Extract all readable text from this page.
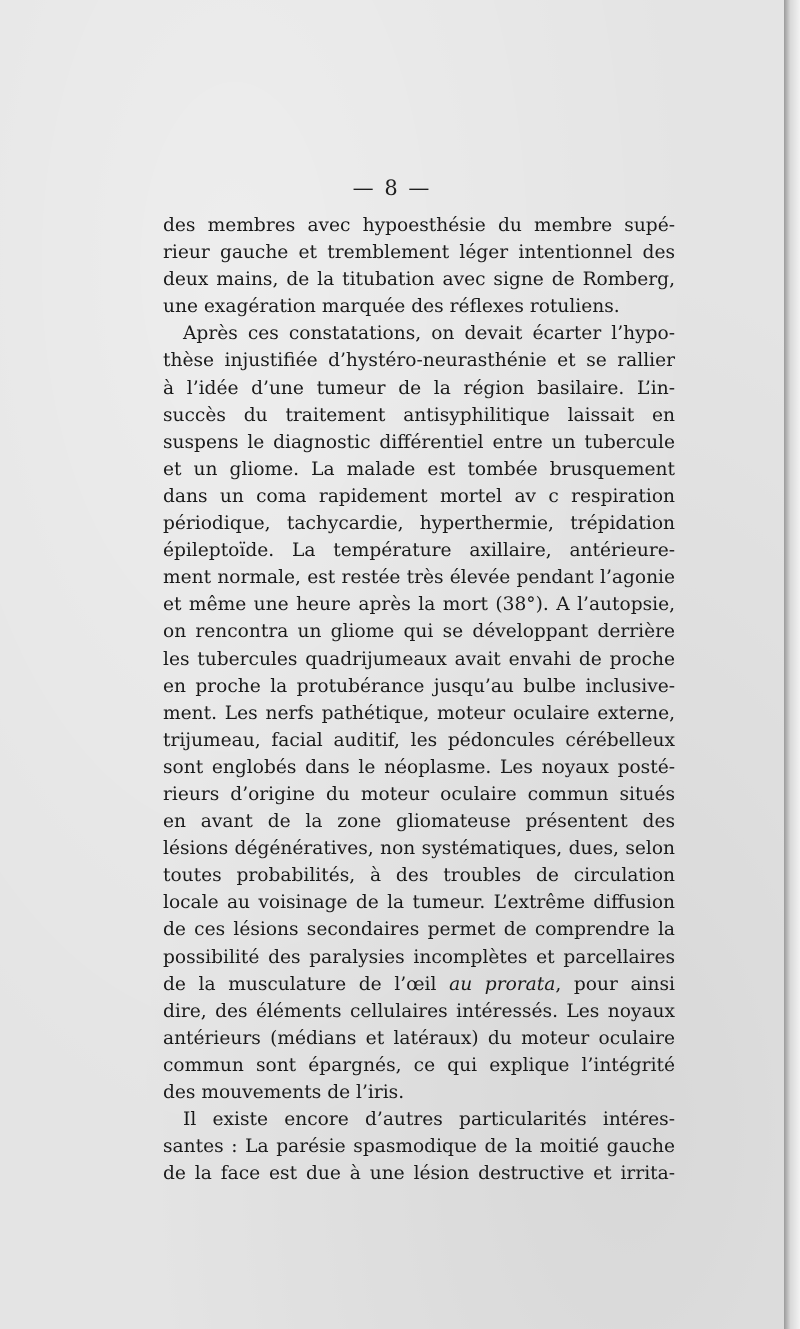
— 8 —
des membres avec hypoesthésie du membre supé-
rieur gauche et tremblement léger intentionnel des
deux mains, de la titubation avec signe de Romberg,
une exagération marquée des réflexes rotuliens.
Après ces constatations, on devait écarter l’hypo-
thèse injustifiée d’hystéro-neurasthénie et se rallier
à l’idée d’une tumeur de la région basilaire. L’in-
succès du traitement antisyphilitique laissait en
suspens le diagnostic différentiel entre un tubercule
et un gliome. La malade est tombée brusquement
dans un coma rapidement mortel av c respiration
périodique, tachycardie, hyperthermie, trépidation
épileptoïde. La température axillaire, antérieure-
ment normale, est restée très élevée pendant l’agonie
et même une heure après la mort (38°). A l’autopsie,
on rencontra un gliome qui se développant derrière
les tubercules quadrijumeaux avait envahi de proche
en proche la protubérance jusqu’au bulbe inclusive-
ment. Les nerfs pathétique, moteur oculaire externe,
trijumeau, facial auditif, les pédoncules cérébelleux
sont englobés dans le néoplasme. Les noyaux posté-
rieurs d’origine du moteur oculaire commun situés
en avant de la zone gliomateuse présentent des
lésions dégénératives, non systématiques, dues, selon
toutes probabilités, à des troubles de circulation
locale au voisinage de la tumeur. L’extrême diffusion
de ces lésions secondaires permet de comprendre la
possibilité des paralysies incomplètes et parcellaires
de la musculature de l’œil au prorata, pour ainsi
dire, des éléments cellulaires intéressés. Les noyaux
antérieurs (médians et latéraux) du moteur oculaire
commun sont épargnés, ce qui explique l’intégrité
des mouvements de l’iris.
Il existe encore d’autres particularités intéres-
santes : La parésie spasmodique de la moitié gauche
de la face est due à une lésion destructive et irrita-
